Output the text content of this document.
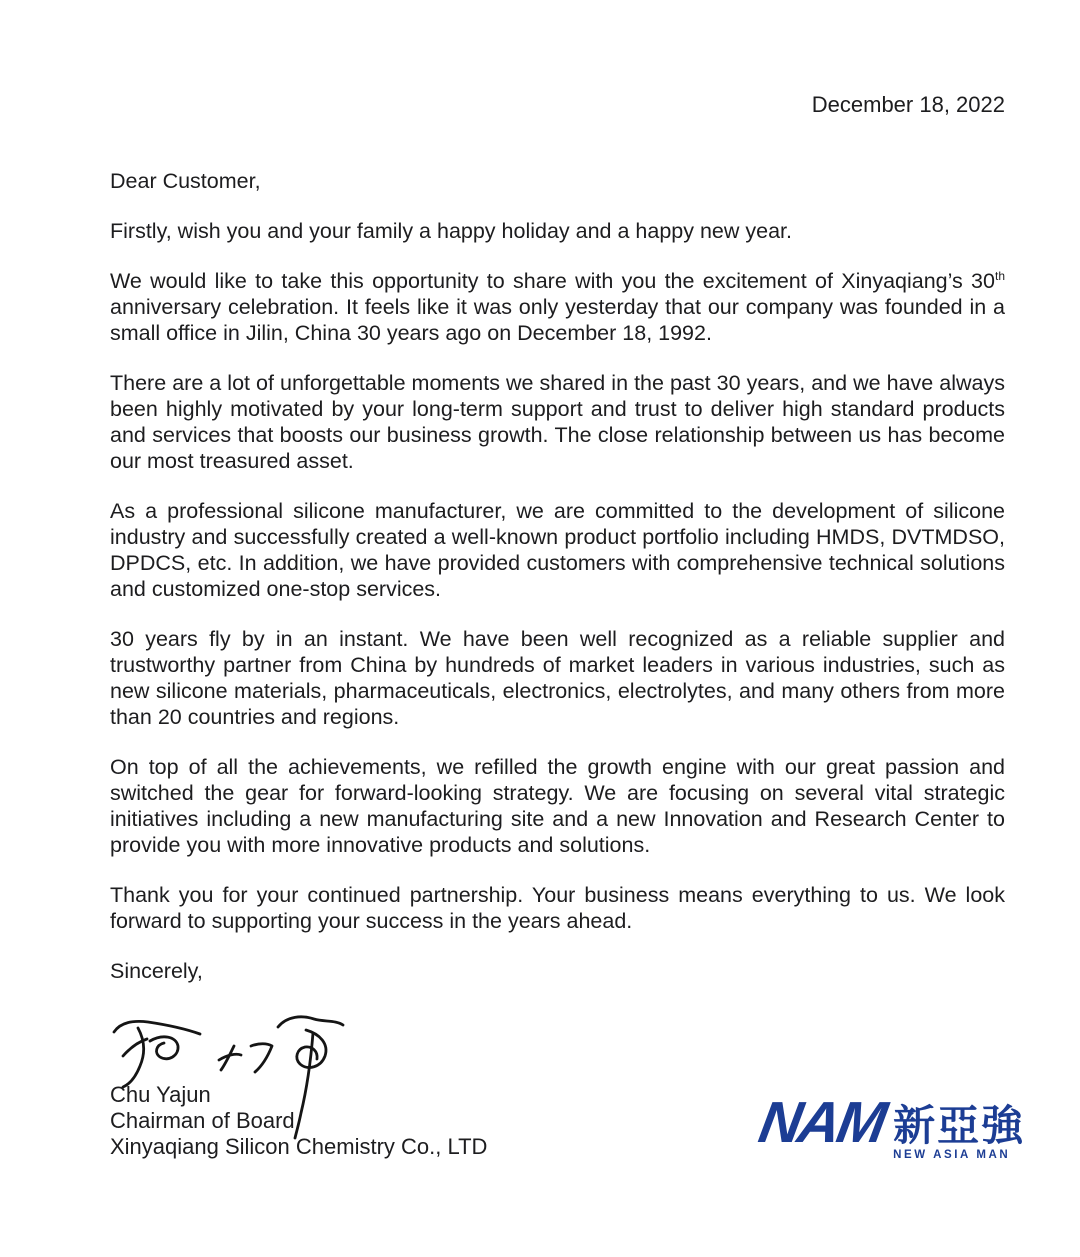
December 18, 2022

Dear Customer,

Firstly, wish you and your family a happy holiday and a happy new year.

We would like to take this opportunity to share with you the excitement of Xinyaqiang’s 30th anniversary celebration. It feels like it was only yesterday that our company was founded in a small office in Jilin, China 30 years ago on December 18, 1992.

There are a lot of unforgettable moments we shared in the past 30 years, and we have always been highly motivated by your long-term support and trust to deliver high standard products and services that boosts our business growth. The close relationship between us has become our most treasured asset.

As a professional silicone manufacturer, we are committed to the development of silicone industry and successfully created a well-known product portfolio including HMDS, DVTMDSO, DPDCS, etc. In addition, we have provided customers with comprehensive technical solutions and customized one-stop services.

30 years fly by in an instant. We have been well recognized as a reliable supplier and trustworthy partner from China by hundreds of market leaders in various industries, such as new silicone materials, pharmaceuticals, electronics, electrolytes, and many others from more than 20 countries and regions.

On top of all the achievements, we refilled the growth engine with our great passion and switched the gear for forward-looking strategy. We are focusing on several vital strategic initiatives including a new manufacturing site and a new Innovation and Research Center to provide you with more innovative products and solutions.

Thank you for your continued partnership. Your business means everything to us. We look forward to supporting your success in the years ahead.

Sincerely,

Chu Yajun
Chairman of Board
Xinyaqiang Silicon Chemistry Co., LTD	NAM 新亞強
NEW ASIA MAN
